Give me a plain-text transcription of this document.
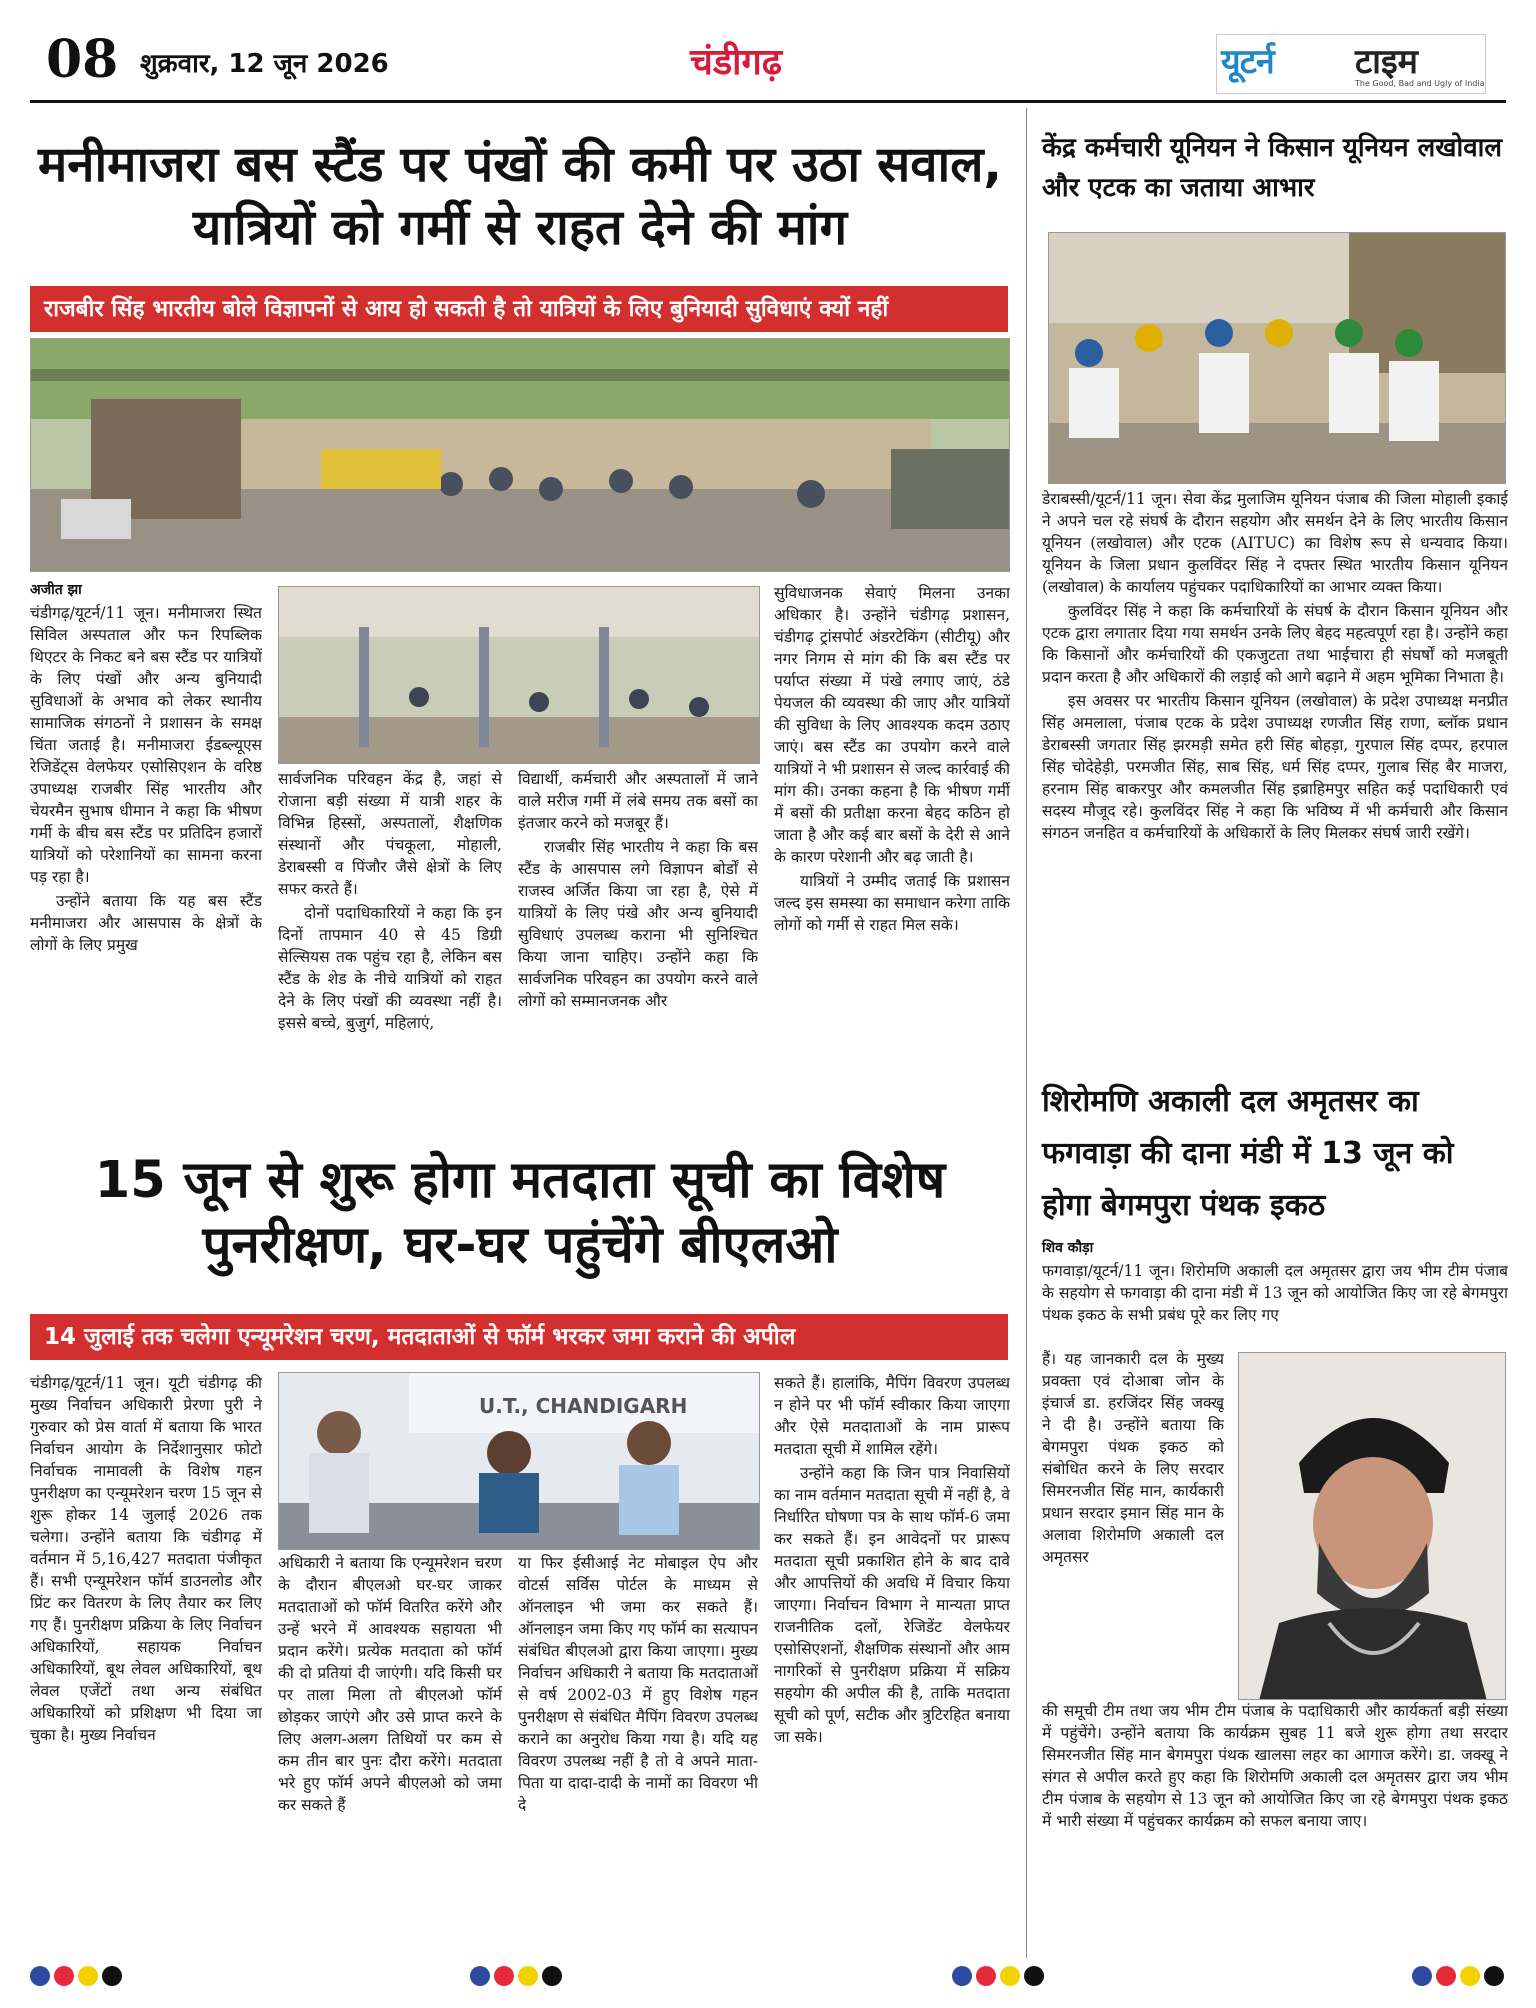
08 शुक्रवार, 12 जून 2026	चंडीगढ़	यूटर्न टाइम
The Good, Bad and Ugly of India
मनीमाजरा बस स्टैंड पर पंखों की कमी पर उठा सवाल, यात्रियों को गर्मी से राहत देने की मांग
राजबीर सिंह भारतीय बोले विज्ञापनों से आय हो सकती है तो यात्रियों के लिए बुनियादी सुविधाएं क्यों नहीं
अजीत झा

चंडीगढ़/यूटर्न/11 जून। मनीमाजरा स्थित सिविल अस्पताल और फन रिपब्लिक थिएटर के निकट बने बस स्टैंड पर यात्रियों के लिए पंखों और अन्य बुनियादी सुविधाओं के अभाव को लेकर स्थानीय सामाजिक संगठनों ने प्रशासन के समक्ष चिंता जताई है। मनीमाजरा ईडब्ल्यूएस रेजिडेंट्स वेलफेयर एसोसिएशन के वरिष्ठ उपाध्यक्ष राजबीर सिंह भारतीय और चेयरमैन सुभाष धीमान ने कहा कि भीषण गर्मी के बीच बस स्टैंड पर प्रतिदिन हजारों यात्रियों को परेशानियों का सामना करना पड़ रहा है।

उन्होंने बताया कि यह बस स्टैंड मनीमाजरा और आसपास के क्षेत्रों के लोगों के लिए प्रमुख

सार्वजनिक परिवहन केंद्र है, जहां से रोजाना बड़ी संख्या में यात्री शहर के विभिन्न हिस्सों, अस्पतालों, शैक्षणिक संस्थानों और पंचकूला, मोहाली, डेराबस्सी व पिंजौर जैसे क्षेत्रों के लिए सफर करते हैं।

दोनों पदाधिकारियों ने कहा कि इन दिनों तापमान 40 से 45 डिग्री सेल्सियस तक पहुंच रहा है, लेकिन बस स्टैंड के शेड के नीचे यात्रियों को राहत देने के लिए पंखों की व्यवस्था नहीं है। इससे बच्चे, बुजुर्ग, महिलाएं,

विद्यार्थी, कर्मचारी और अस्पतालों में जाने वाले मरीज गर्मी में लंबे समय तक बसों का इंतजार करने को मजबूर हैं।

राजबीर सिंह भारतीय ने कहा कि बस स्टैंड के आसपास लगे विज्ञापन बोर्डों से राजस्व अर्जित किया जा रहा है, ऐसे में यात्रियों के लिए पंखे और अन्य बुनियादी सुविधाएं उपलब्ध कराना भी सुनिश्चित किया जाना चाहिए। उन्होंने कहा कि सार्वजनिक परिवहन का उपयोग करने वाले लोगों को सम्मानजनक और

सुविधाजनक सेवाएं मिलना उनका अधिकार है। उन्होंने चंडीगढ़ प्रशासन, चंडीगढ़ ट्रांसपोर्ट अंडरटेकिंग (सीटीयू) और नगर निगम से मांग की कि बस स्टैंड पर पर्याप्त संख्या में पंखे लगाए जाएं, ठंडे पेयजल की व्यवस्था की जाए और यात्रियों की सुविधा के लिए आवश्यक कदम उठाए जाएं। बस स्टैंड का उपयोग करने वाले यात्रियों ने भी प्रशासन से जल्द कार्रवाई की मांग की। उनका कहना है कि भीषण गर्मी में बसों की प्रतीक्षा करना बेहद कठिन हो जाता है और कई बार बसों के देरी से आने के कारण परेशानी और बढ़ जाती है।

यात्रियों ने उम्मीद जताई कि प्रशासन जल्द इस समस्या का समाधान करेगा ताकि लोगों को गर्मी से राहत मिल सके।

15 जून से शुरू होगा मतदाता सूची का विशेष पुनरीक्षण, घर-घर पहुंचेंगे बीएलओ
14 जुलाई तक चलेगा एन्यूमरेशन चरण, मतदाताओं से फॉर्म भरकर जमा कराने की अपील

चंडीगढ़/यूटर्न/11 जून। यूटी चंडीगढ़ की मुख्य निर्वाचन अधिकारी प्रेरणा पुरी ने गुरुवार को प्रेस वार्ता में बताया कि भारत निर्वाचन आयोग के निर्देशानुसार फोटो निर्वाचक नामावली के विशेष गहन पुनरीक्षण का एन्यूमरेशन चरण 15 जून से शुरू होकर 14 जुलाई 2026 तक चलेगा। उन्होंने बताया कि चंडीगढ़ में वर्तमान में 5,16,427 मतदाता पंजीकृत हैं। सभी एन्यूमरेशन फॉर्म डाउनलोड और प्रिंट कर वितरण के लिए तैयार कर लिए गए हैं। पुनरीक्षण प्रक्रिया के लिए निर्वाचन अधिकारियों, सहायक निर्वाचन अधिकारियों, बूथ लेवल अधिकारियों, बूथ लेवल एजेंटों तथा अन्य संबंधित अधिकारियों को प्रशिक्षण भी दिया जा चुका है। मुख्य निर्वाचन

U.T., CHANDIGARH

अधिकारी ने बताया कि एन्यूमरेशन चरण के दौरान बीएलओ घर-घर जाकर मतदाताओं को फॉर्म वितरित करेंगे और उन्हें भरने में आवश्यक सहायता भी प्रदान करेंगे। प्रत्येक मतदाता को फॉर्म की दो प्रतियां दी जाएंगी। यदि किसी घर पर ताला मिला तो बीएलओ फॉर्म छोड़कर जाएंगे और उसे प्राप्त करने के लिए अलग-अलग तिथियों पर कम से कम तीन बार पुनः दौरा करेंगे। मतदाता भरे हुए फॉर्म अपने बीएलओ को जमा कर सकते हैं

या फिर ईसीआई नेट मोबाइल ऐप और वोटर्स सर्विस पोर्टल के माध्यम से ऑनलाइन भी जमा कर सकते हैं। ऑनलाइन जमा किए गए फॉर्म का सत्यापन संबंधित बीएलओ द्वारा किया जाएगा। मुख्य निर्वाचन अधिकारी ने बताया कि मतदाताओं से वर्ष 2002-03 में हुए विशेष गहन पुनरीक्षण से संबंधित मैपिंग विवरण उपलब्ध कराने का अनुरोध किया गया है। यदि यह विवरण उपलब्ध नहीं है तो वे अपने माता-पिता या दादा-दादी के नामों का विवरण भी दे

सकते हैं। हालांकि, मैपिंग विवरण उपलब्ध न होने पर भी फॉर्म स्वीकार किया जाएगा और ऐसे मतदाताओं के नाम प्रारूप मतदाता सूची में शामिल रहेंगे।

उन्होंने कहा कि जिन पात्र निवासियों का नाम वर्तमान मतदाता सूची में नहीं है, वे निर्धारित घोषणा पत्र के साथ फॉर्म-6 जमा कर सकते हैं। इन आवेदनों पर प्रारूप मतदाता सूची प्रकाशित होने के बाद दावे और आपत्तियों की अवधि में विचार किया जाएगा। निर्वाचन विभाग ने मान्यता प्राप्त राजनीतिक दलों, रेजिडेंट वेलफेयर एसोसिएशनों, शैक्षणिक संस्थानों और आम नागरिकों से पुनरीक्षण प्रक्रिया में सक्रिय सहयोग की अपील की है, ताकि मतदाता सूची को पूर्ण, सटीक और त्रुटिरहित बनाया जा सके।

केंद्र कर्मचारी यूनियन ने किसान यूनियन लखोवाल और एटक का जताया आभार

डेराबस्सी/यूटर्न/11 जून। सेवा केंद्र मुलाजिम यूनियन पंजाब की जिला मोहाली इकाई ने अपने चल रहे संघर्ष के दौरान सहयोग और समर्थन देने के लिए भारतीय किसान यूनियन (लखोवाल) और एटक (AITUC) का विशेष रूप से धन्यवाद किया। यूनियन के जिला प्रधान कुलविंदर सिंह ने दफ्तर स्थित भारतीय किसान यूनियन (लखोवाल) के कार्यालय पहुंचकर पदाधिकारियों का आभार व्यक्त किया।

कुलविंदर सिंह ने कहा कि कर्मचारियों के संघर्ष के दौरान किसान यूनियन और एटक द्वारा लगातार दिया गया समर्थन उनके लिए बेहद महत्वपूर्ण रहा है। उन्होंने कहा कि किसानों और कर्मचारियों की एकजुटता तथा भाईचारा ही संघर्षों को मजबूती प्रदान करता है और अधिकारों की लड़ाई को आगे बढ़ाने में अहम भूमिका निभाता है।

इस अवसर पर भारतीय किसान यूनियन (लखोवाल) के प्रदेश उपाध्यक्ष मनप्रीत सिंह अमलाला, पंजाब एटक के प्रदेश उपाध्यक्ष रणजीत सिंह राणा, ब्लॉक प्रधान डेराबस्सी जगतार सिंह झरमड़ी समेत हरी सिंह बोहड़ा, गुरपाल सिंह दप्पर, हरपाल सिंह चोदेहेड़ी, परमजीत सिंह, साब सिंह, धर्म सिंह दप्पर, गुलाब सिंह बैर माजरा, हरनाम सिंह बाकरपुर और कमलजीत सिंह इब्राहिमपुर सहित कई पदाधिकारी एवं सदस्य मौजूद रहे। कुलविंदर सिंह ने कहा कि भविष्य में भी कर्मचारी और किसान संगठन जनहित व कर्मचारियों के अधिकारों के लिए मिलकर संघर्ष जारी रखेंगे।

शिरोमणि अकाली दल अमृतसर का फगवाड़ा की दाना मंडी में 13 जून को होगा बेगमपुरा पंथक इकठ
शिव कौड़ा

फगवाड़ा/यूटर्न/11 जून। शिरोमणि अकाली दल अमृतसर द्वारा जय भीम टीम पंजाब के सहयोग से फगवाड़ा की दाना मंडी में 13 जून को आयोजित किए जा रहे बेगमपुरा पंथक इकठ के सभी प्रबंध पूरे कर लिए गए

हैं। यह जानकारी दल के मुख्य प्रवक्ता एवं दोआबा जोन के इंचार्ज डा. हरजिंदर सिंह जक्खू ने दी है। उन्होंने बताया कि बेगमपुरा पंथक इकठ को संबोधित करने के लिए सरदार सिमरनजीत सिंह मान, कार्यकारी प्रधान सरदार इमान सिंह मान के अलावा शिरोमणि अकाली दल अमृतसर

की समूची टीम तथा जय भीम टीम पंजाब के पदाधिकारी और कार्यकर्ता बड़ी संख्या में पहुंचेंगे। उन्होंने बताया कि कार्यक्रम सुबह 11 बजे शुरू होगा तथा सरदार सिमरनजीत सिंह मान बेगमपुरा पंथक खालसा लहर का आगाज करेंगे। डा. जक्खू ने संगत से अपील करते हुए कहा कि शिरोमणि अकाली दल अमृतसर द्वारा जय भीम टीम पंजाब के सहयोग से 13 जून को आयोजित किए जा रहे बेगमपुरा पंथक इकठ में भारी संख्या में पहुंचकर कार्यक्रम को सफल बनाया जाए।
